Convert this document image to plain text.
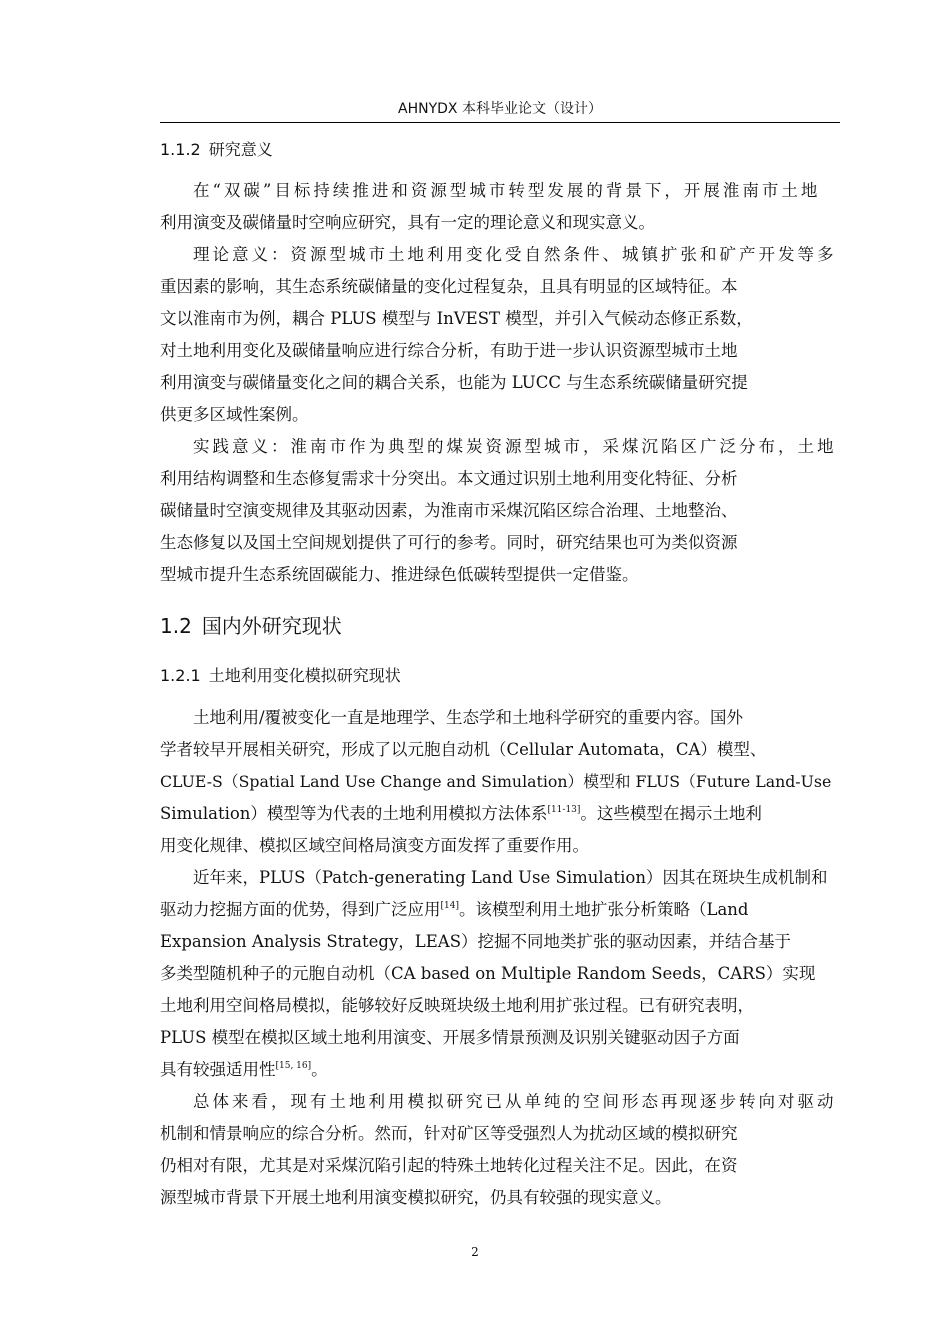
AHNYDX 本科毕业论文（设计）
1.1.2 研究意义
在“双碳”目标持续推进和资源型城市转型发展的背景下，开展淮南市土地
利用演变及碳储量时空响应研究，具有一定的理论意义和现实意义。
理论意义：资源型城市土地利用变化受自然条件、城镇扩张和矿产开发等多
重因素的影响，其生态系统碳储量的变化过程复杂，且具有明显的区域特征。本
文以淮南市为例，耦合 PLUS 模型与 InVEST 模型，并引入气候动态修正系数，
对土地利用变化及碳储量响应进行综合分析，有助于进一步认识资源型城市土地
利用演变与碳储量变化之间的耦合关系，也能为 LUCC 与生态系统碳储量研究提
供更多区域性案例。
实践意义：淮南市作为典型的煤炭资源型城市，采煤沉陷区广泛分布，土地
利用结构调整和生态修复需求十分突出。本文通过识别土地利用变化特征、分析
碳储量时空演变规律及其驱动因素，为淮南市采煤沉陷区综合治理、土地整治、
生态修复以及国土空间规划提供了可行的参考。同时，研究结果也可为类似资源
型城市提升生态系统固碳能力、推进绿色低碳转型提供一定借鉴。
1.2 国内外研究现状
1.2.1 土地利用变化模拟研究现状
土地利用/覆被变化一直是地理学、生态学和土地科学研究的重要内容。国外
学者较早开展相关研究，形成了以元胞自动机（Cellular Automata，CA）模型、
CLUE-S（Spatial Land Use Change and Simulation）模型和 FLUS（Future Land-Use
Simulation）模型等为代表的土地利用模拟方法体系[11-13]。这些模型在揭示土地利
用变化规律、模拟区域空间格局演变方面发挥了重要作用。
近年来，PLUS（Patch-generating Land Use Simulation）因其在斑块生成机制和
驱动力挖掘方面的优势，得到广泛应用[14]。该模型利用土地扩张分析策略（Land
Expansion Analysis Strategy，LEAS）挖掘不同地类扩张的驱动因素，并结合基于
多类型随机种子的元胞自动机（CA based on Multiple Random Seeds，CARS）实现
土地利用空间格局模拟，能够较好反映斑块级土地利用扩张过程。已有研究表明，
PLUS 模型在模拟区域土地利用演变、开展多情景预测及识别关键驱动因子方面
具有较强适用性[15, 16]。
总体来看，现有土地利用模拟研究已从单纯的空间形态再现逐步转向对驱动
机制和情景响应的综合分析。然而，针对矿区等受强烈人为扰动区域的模拟研究
仍相对有限，尤其是对采煤沉陷引起的特殊土地转化过程关注不足。因此，在资
源型城市背景下开展土地利用演变模拟研究，仍具有较强的现实意义。
2
